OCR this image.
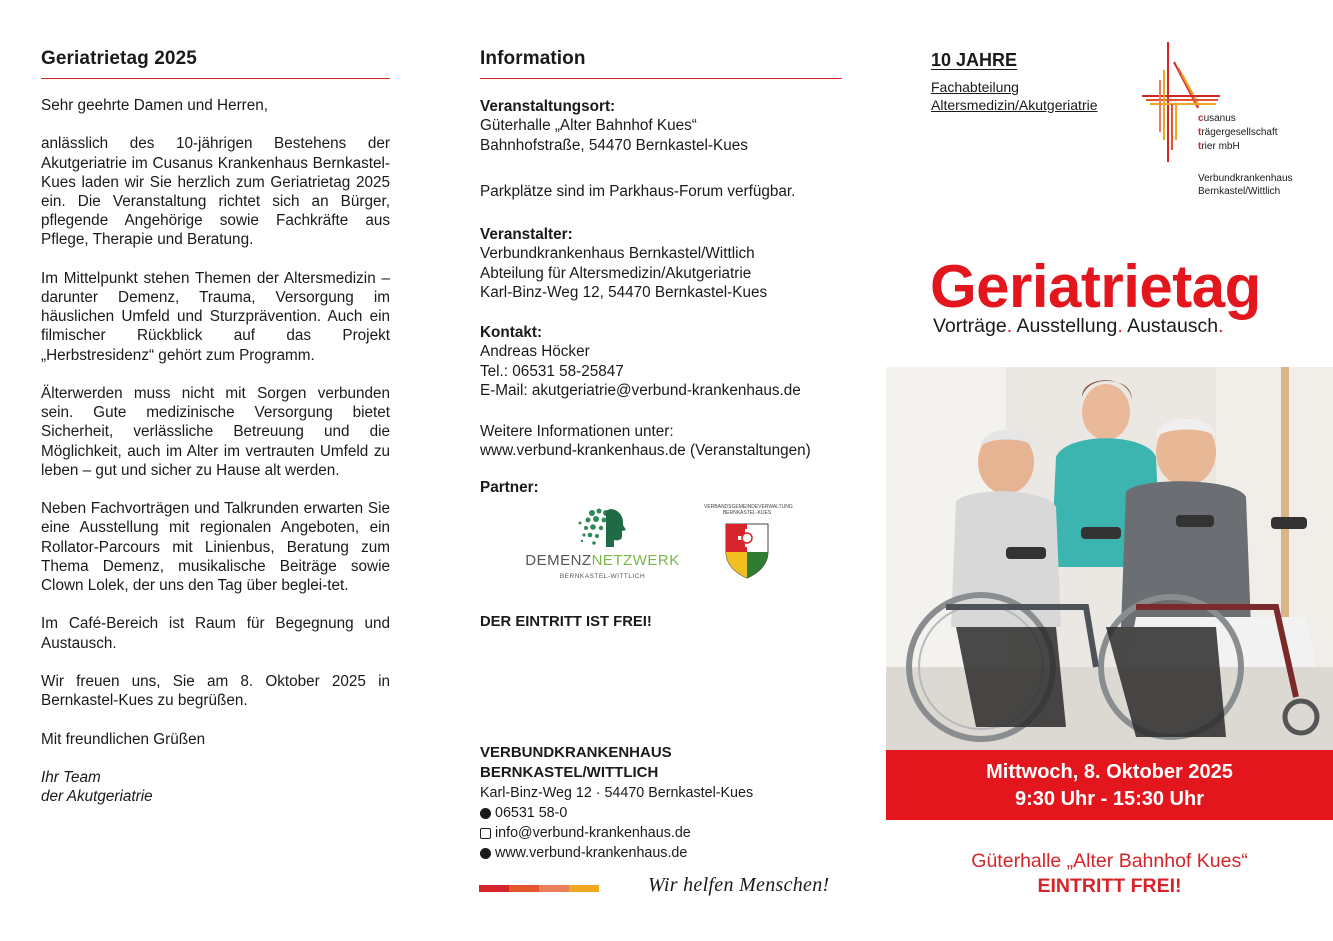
Geriatrietag 2025

Sehr geehrte Damen und Herren,

anlässlich des 10-jährigen Bestehens der Akutgeriatrie im Cusanus Krankenhaus Bernkastel-Kues laden wir Sie herzlich zum Geriatrietag 2025 ein. Die Veranstaltung richtet sich an Bürger, pflegende Angehörige sowie Fachkräfte aus Pflege, Therapie und Beratung.

Im Mittelpunkt stehen Themen der Altersmedizin – darunter Demenz, Trauma, Versorgung im häuslichen Umfeld und Sturzprävention. Auch ein filmischer Rückblick auf das Projekt „Herbstresidenz“ gehört zum Programm.

Älterwerden muss nicht mit Sorgen verbunden sein. Gute medizinische Versorgung bietet Sicherheit, verlässliche Betreuung und die Möglichkeit, auch im Alter im vertrauten Umfeld zu leben – gut und sicher zu Hause alt werden.

Neben Fachvorträgen und Talkrunden erwarten Sie eine Ausstellung mit regionalen Angeboten, ein Rollator-Parcours mit Linienbus, Beratung zum Thema Demenz, musikalische Beiträge sowie Clown Lolek, der uns den Tag über beglei-tet.

Im Café-Bereich ist Raum für Begegnung und Austausch.

Wir freuen uns, Sie am 8. Oktober 2025 in Bernkastel-Kues zu begrüßen.

Mit freundlichen Grüßen

Ihr Team
der Akutgeriatrie
Information
Veranstaltungsort:
Güterhalle „Alter Bahnhof Kues“
Bahnhofstraße, 54470 Bernkastel-Kues
Parkplätze sind im Parkhaus-Forum verfügbar.
Veranstalter:
Verbundkrankenhaus Bernkastel/Wittlich
Abteilung für Altersmedizin/Akutgeriatrie
Karl-Binz-Weg 12, 54470 Bernkastel-Kues
Kontakt:
Andreas Höcker
Tel.: 06531 58-25847
E-Mail: akutgeriatrie@verbund-krankenhaus.de
Weitere Informationen unter:
www.verbund-krankenhaus.de (Veranstaltungen)
Partner:
DEMENZNETZWERK
BERNKASTEL-WITTLICH
VERBANDSGEMEINDEVERWALTUNG
BERNKASTEL-KUES
DER EINTRITT IST FREI!
VERBUNDKRANKENHAUS
BERNKASTEL/WITTLICH
Karl-Binz-Weg 12 · 54470 Bernkastel-Kues
06531 58-0
info@verbund-krankenhaus.de
www.verbund-krankenhaus.de
Wir helfen Menschen!
10 JAHRE
Fachabteilung
Altersmedizin/Akutgeriatrie
cusanus
trägergesellschaft
trier mbH
Verbundkrankenhaus
Bernkastel/Wittlich
Geriatrietag
Vorträge. Ausstellung. Austausch.
Mittwoch, 8. Oktober 2025
9:30 Uhr - 15:30 Uhr
Güterhalle „Alter Bahnhof Kues“
EINTRITT FREI!
